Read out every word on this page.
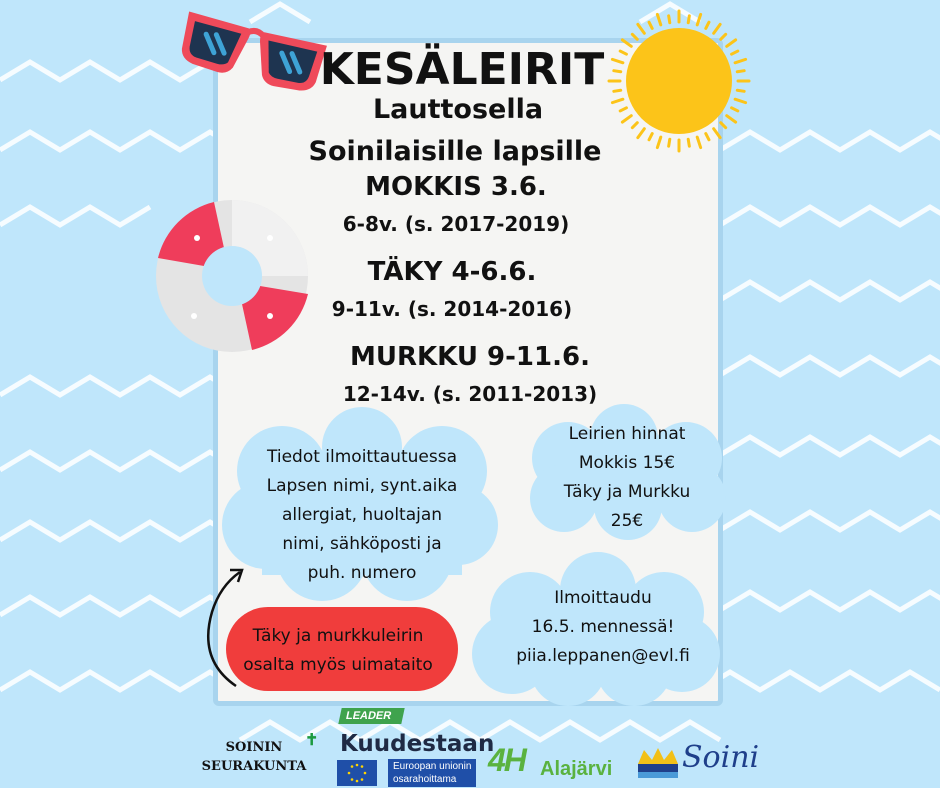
KESÄLEIRIT
Lauttosella
Soinilaisille lapsille
MOKKIS 3.6.
6-8v. (s. 2017-2019)
TÄKY 4-6.6.
9-11v. (s. 2014-2016)
MURKKU 9-11.6.
12-14v. (s. 2011-2013)
Tiedot ilmoittautuessa
Lapsen nimi, synt.aika
allergiat, huoltajan
nimi, sähköposti ja
puh. numero
Leirien hinnat
Mokkis 15€
Täky ja Murkku
25€
Ilmoittaudu
16.5. mennessä!
piia.leppanen@evl.fi
Täky ja murkkuleirin
osalta myös uimataito
SOININ
SEURAKUNTA
✝
LEADER
Kuudestaan
Euroopan unionin
osarahoittama
4H Alajärvi Soini
